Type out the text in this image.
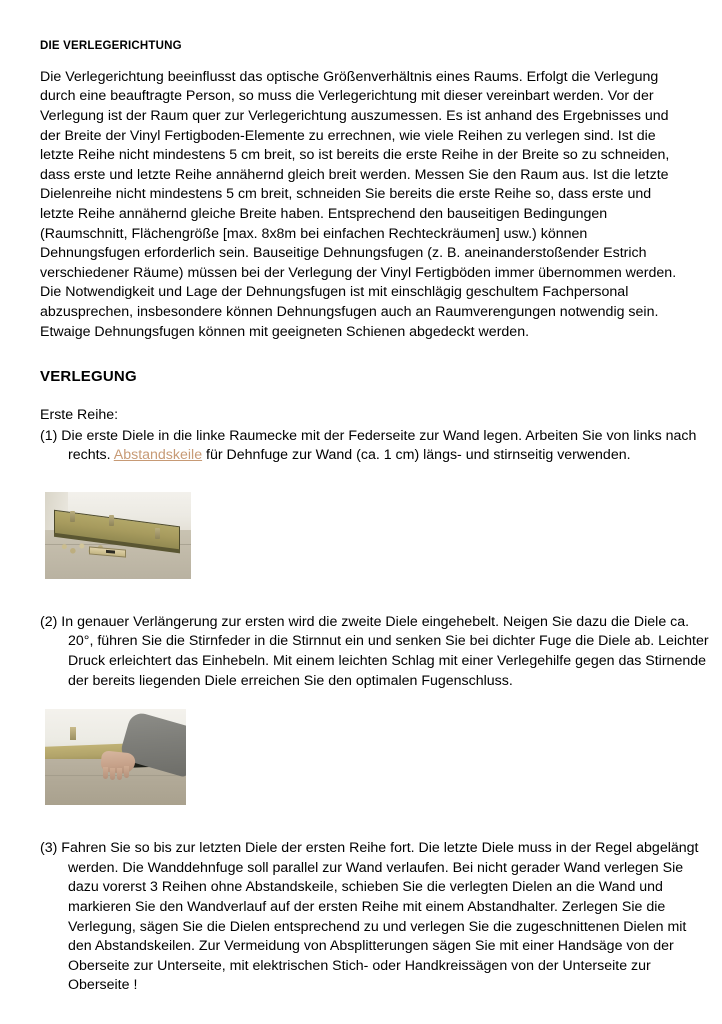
DIE VERLEGERICHTUNG

Die Verlegerichtung beeinflusst das optische Größenverhältnis eines Raums. Erfolgt die Verlegung durch eine beauftragte Person, so muss die Verlegerichtung mit dieser vereinbart werden. Vor der Verlegung ist der Raum quer zur Verlegerichtung auszumessen. Es ist anhand des Ergebnisses und der Breite der Vinyl Fertigboden-Elemente zu errechnen, wie viele Reihen zu verlegen sind. Ist die letzte Reihe nicht mindestens 5 cm breit, so ist bereits die erste Reihe in der Breite so zu schneiden, dass erste und letzte Reihe annähernd gleich breit werden. Messen Sie den Raum aus. Ist die letzte Dielenreihe nicht mindestens 5 cm breit, schneiden Sie bereits die erste Reihe so, dass erste und letzte Reihe annähernd gleiche Breite haben. Entsprechend den bauseitigen Bedingungen (Raumschnitt, Flächengröße [max. 8x8m bei einfachen Rechteckräumen] usw.) können Dehnungsfugen erforderlich sein. Bauseitige Dehnungsfugen (z. B. aneinanderstoßender Estrich verschiedener Räume) müssen bei der Verlegung der Vinyl Fertigböden immer übernommen werden. Die Notwendigkeit und Lage der Dehnungsfugen ist mit einschlägig geschultem Fachpersonal abzusprechen, insbesondere können Dehnungsfugen auch an Raumverengungen notwendig sein. Etwaige Dehnungsfugen können mit geeigneten Schienen abgedeckt werden.

VERLEGUNG

Erste Reihe:

(1) Die erste Diele in die linke Raumecke mit der Federseite zur Wand legen. Arbeiten Sie von links nach rechts. Abstandskeile für Dehnfuge zur Wand (ca. 1 cm) längs- und stirnseitig verwenden.

(2) In genauer Verlängerung zur ersten wird die zweite Diele eingehebelt. Neigen Sie dazu die Diele ca. 20°, führen Sie die Stirnfeder in die Stirnnut ein und senken Sie bei dichter Fuge die Diele ab. Leichter Druck erleichtert das Einhebeln. Mit einem leichten Schlag mit einer Verlegehilfe gegen das Stirnende der bereits liegenden Diele erreichen Sie den optimalen Fugenschluss.

(3) Fahren Sie so bis zur letzten Diele der ersten Reihe fort. Die letzte Diele muss in der Regel abgelängt werden. Die Wanddehnfuge soll parallel zur Wand verlaufen. Bei nicht gerader Wand verlegen Sie dazu vorerst 3 Reihen ohne Abstandskeile, schieben Sie die verlegten Dielen an die Wand und markieren Sie den Wandverlauf auf der ersten Reihe mit einem Abstandhalter. Zerlegen Sie die Verlegung, sägen Sie die Dielen entsprechend zu und verlegen Sie die zugeschnittenen Dielen mit den Abstandskeilen. Zur Vermeidung von Absplitterungen sägen Sie mit einer Handsäge von der Oberseite zur Unterseite, mit elektrischen Stich- oder Handkreissägen von der Unterseite zur Oberseite !
